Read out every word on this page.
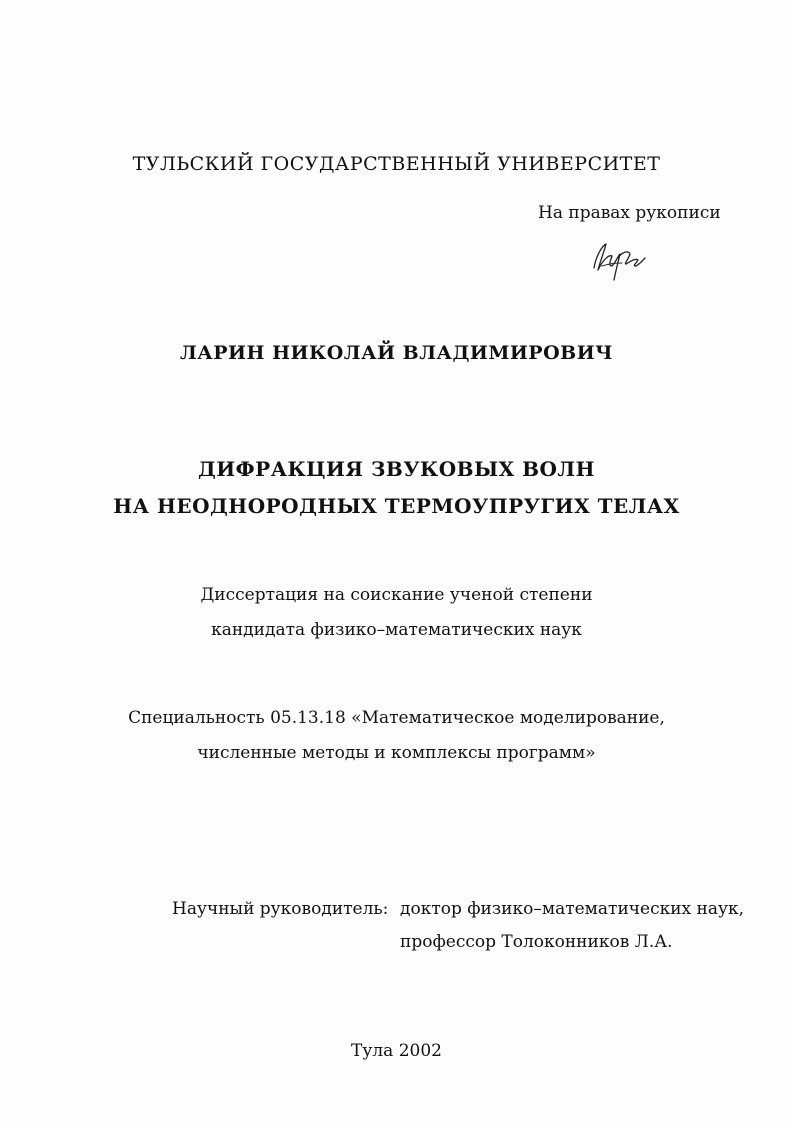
ТУЛЬСКИЙ ГОСУДАРСТВЕННЫЙ УНИВЕРСИТЕТ
На правах рукописи
ЛАРИН НИКОЛАЙ ВЛАДИМИРОВИЧ
ДИФРАКЦИЯ ЗВУКОВЫХ ВОЛН
НА НЕОДНОРОДНЫХ ТЕРМОУПРУГИХ ТЕЛАХ
Диссертация на соискание ученой степени
кандидата физико–математических наук
Специальность 05.13.18 «Математическое моделирование,
численные методы и комплексы программ»
Научный руководитель: доктор физико–математических наук,
профессор Толоконников Л.А.
Тула 2002
